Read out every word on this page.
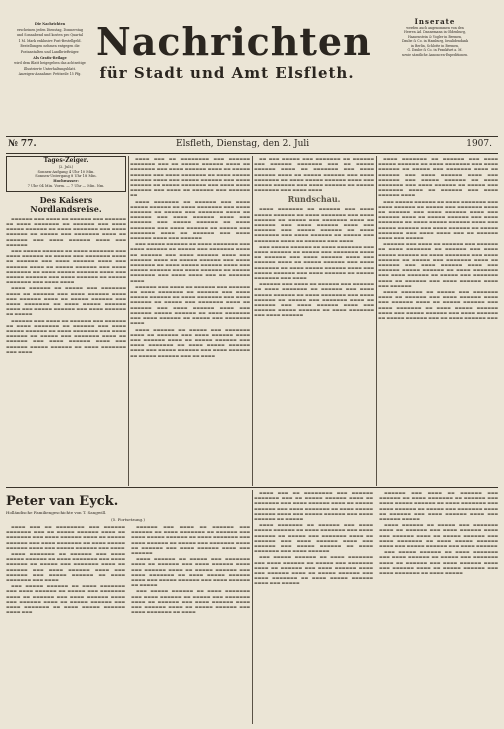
Die Nachrichten

erscheinen jeden Dienstag, Donnerstag

und Sonnabend und kosten pro Quartal

1 M. Mark exklusive Post-Bestellgeld.

Bestellungen nehmen entgegen die

Postanstalten und Landbriefträger.

Als Gratis-Beilage

wird dem Blatt beigegeben das achtseitige

Illustrierte Unterhaltungsblatt.

Anzeigen-Annahme: Petitzeile 15 Pfg.

Nachrichten
für Stadt und Amt Elsfleth.
Inserate
werden auch angenommen von den
Herren Ad. Dannemann in Oldenburg,
Haasenstein & Vogler in Bremen,
Daube & Co. in Hamburg, Invalidendank
in Berlin, Schlotte in Bremen,
G. Daube & Co. in Frankfurt a. M.
sowie sämtliche Annoncen-Expeditionen.
№ 77.	Elsfleth, Dienstag, den 2. Juli	1907.
Tages-Zeiger.
(2. Juli.)
Sonnen-Aufgang 4 Uhr 10 Min.
Sonnen-Untergang 8 Uhr 18 Min.
Hochwasser:
7 Uhr 04 Min. Vorm. — 7 Uhr — Min. Nm.
Des Kaisers Nordlandsreise.

▬▬▬▬▬▬ ▬▬▬ ▬▬▬▬ ▬▬ ▬▬▬▬▬▬ ▬▬▬ ▬▬▬▬▬▬ ▬▬ ▬▬▬▬ ▬▬▬▬▬▬▬ ▬▬ ▬▬▬▬▬▬ ▬▬▬ ▬▬▬▬ ▬▬▬▬▬ ▬▬▬▬▬▬ ▬▬ ▬▬▬▬ ▬▬▬▬▬▬▬ ▬▬▬ ▬▬▬▬ ▬▬▬▬▬▬ ▬▬ ▬▬▬▬▬ ▬▬▬ ▬▬▬▬▬▬▬ ▬▬▬▬ ▬▬ ▬▬▬▬▬▬ ▬▬▬ ▬▬▬▬ ▬▬▬▬▬▬ ▬▬▬▬ ▬▬▬ ▬▬▬▬▬▬

▬▬▬ ▬▬▬▬▬ ▬▬▬▬▬▬ ▬▬ ▬▬▬▬ ▬▬▬▬▬▬▬ ▬▬▬ ▬▬▬▬ ▬▬▬▬▬▬ ▬▬ ▬▬▬▬▬ ▬▬▬ ▬▬▬▬▬▬▬ ▬▬▬▬ ▬▬ ▬▬▬▬▬▬ ▬▬▬ ▬▬▬▬ ▬▬▬▬▬▬ ▬▬▬▬ ▬▬▬ ▬▬▬▬▬▬ ▬▬▬▬ ▬▬ ▬▬▬▬▬ ▬▬▬▬▬▬ ▬▬▬ ▬▬▬▬ ▬▬▬▬▬▬▬ ▬▬ ▬▬▬▬ ▬▬▬▬▬ ▬▬▬▬▬▬ ▬▬▬▬ ▬▬▬ ▬▬▬▬▬ ▬▬▬▬▬▬ ▬▬▬ ▬▬▬▬ ▬▬▬▬▬▬ ▬▬ ▬▬▬▬▬ ▬▬▬▬▬▬▬ ▬▬▬ ▬▬▬▬ ▬▬▬▬

▬▬▬▬ ▬▬▬▬▬▬ ▬▬ ▬▬▬▬▬ ▬▬▬ ▬▬▬▬▬▬▬ ▬▬▬▬ ▬▬ ▬▬▬▬▬▬ ▬▬▬ ▬▬▬▬ ▬▬▬▬▬▬ ▬▬▬▬ ▬▬▬ ▬▬▬▬▬▬ ▬▬▬▬ ▬▬ ▬▬▬▬▬ ▬▬▬▬▬▬ ▬▬▬ ▬▬▬▬ ▬▬▬▬▬▬▬ ▬▬ ▬▬▬▬ ▬▬▬▬▬ ▬▬▬▬▬▬ ▬▬▬▬ ▬▬▬ ▬▬▬▬▬ ▬▬▬▬▬▬ ▬▬▬ ▬▬▬▬ ▬▬▬▬▬▬ ▬▬ ▬▬▬▬▬

▬▬▬▬▬▬ ▬▬▬ ▬▬▬▬ ▬▬ ▬▬▬▬▬▬ ▬▬▬ ▬▬▬▬▬▬ ▬▬ ▬▬▬▬ ▬▬▬▬▬▬▬ ▬▬ ▬▬▬▬▬▬ ▬▬▬ ▬▬▬▬ ▬▬▬▬▬ ▬▬▬▬▬▬ ▬▬ ▬▬▬▬ ▬▬▬▬▬▬▬ ▬▬▬ ▬▬▬▬ ▬▬▬▬▬▬ ▬▬ ▬▬▬▬▬ ▬▬▬ ▬▬▬▬▬▬▬ ▬▬▬▬ ▬▬ ▬▬▬▬▬▬ ▬▬▬ ▬▬▬▬ ▬▬▬▬▬▬ ▬▬▬▬ ▬▬▬ ▬▬▬▬▬▬ ▬▬▬▬▬ ▬▬▬▬▬▬ ▬▬ ▬▬▬▬ ▬▬▬▬▬▬▬ ▬▬▬ ▬▬▬▬

▬▬▬▬ ▬▬▬ ▬▬ ▬▬▬▬▬▬▬▬ ▬▬▬ ▬▬▬▬▬▬ ▬▬▬▬▬▬▬ ▬▬▬ ▬▬ ▬▬▬▬▬ ▬▬▬▬▬▬ ▬▬▬▬ ▬▬ ▬▬▬▬▬▬▬ ▬▬▬ ▬▬▬▬ ▬▬▬▬▬▬ ▬▬▬▬ ▬▬ ▬▬▬▬▬ ▬▬▬▬▬▬ ▬▬▬ ▬▬▬▬ ▬▬▬▬▬▬▬ ▬▬ ▬▬▬▬ ▬▬▬▬▬ ▬▬▬▬▬▬ ▬▬▬▬ ▬▬▬ ▬▬▬▬▬ ▬▬▬▬▬▬ ▬▬▬ ▬▬▬▬ ▬▬▬▬▬▬ ▬▬ ▬▬▬▬▬ ▬▬▬▬▬▬▬ ▬▬▬ ▬▬▬▬ ▬▬▬▬ ▬▬▬▬▬▬ ▬▬▬ ▬▬▬▬ ▬▬ ▬▬▬▬▬▬ ▬▬▬ ▬▬▬▬▬▬ ▬▬

▬▬▬▬ ▬▬▬▬▬▬▬ ▬▬ ▬▬▬▬▬▬ ▬▬▬ ▬▬▬▬ ▬▬▬▬▬ ▬▬▬▬▬▬ ▬▬ ▬▬▬▬ ▬▬▬▬▬▬▬ ▬▬▬ ▬▬▬▬ ▬▬▬▬▬▬ ▬▬ ▬▬▬▬▬ ▬▬▬ ▬▬▬▬▬▬▬ ▬▬▬▬ ▬▬ ▬▬▬▬▬▬ ▬▬▬ ▬▬▬▬ ▬▬▬▬▬▬ ▬▬▬▬ ▬▬▬ ▬▬▬▬▬▬ ▬▬▬ ▬▬▬▬▬ ▬▬▬▬▬▬ ▬▬ ▬▬▬▬ ▬▬▬▬▬▬▬ ▬▬▬ ▬▬▬▬ ▬▬▬▬▬▬ ▬▬ ▬▬▬▬▬ ▬▬▬ ▬▬▬▬▬▬▬ ▬▬▬▬ ▬▬ ▬▬▬▬▬▬ ▬▬▬ ▬▬▬▬ ▬▬▬▬▬▬ ▬▬▬▬ ▬▬▬ ▬▬▬▬▬▬

▬▬▬ ▬▬▬▬▬ ▬▬▬▬▬▬ ▬▬ ▬▬▬▬ ▬▬▬▬▬▬▬ ▬▬▬ ▬▬▬▬ ▬▬▬▬▬▬ ▬▬ ▬▬▬▬▬ ▬▬▬ ▬▬▬▬▬▬▬ ▬▬▬▬ ▬▬ ▬▬▬▬▬▬ ▬▬▬ ▬▬▬▬ ▬▬▬▬▬▬ ▬▬▬▬ ▬▬▬ ▬▬▬▬▬▬ ▬▬▬▬ ▬▬ ▬▬▬▬▬ ▬▬▬▬▬▬ ▬▬▬ ▬▬▬▬ ▬▬▬▬▬▬▬ ▬▬ ▬▬▬▬ ▬▬▬▬▬ ▬▬▬▬▬▬ ▬▬▬▬ ▬▬▬ ▬▬▬▬▬ ▬▬▬▬▬▬ ▬▬▬ ▬▬▬▬ ▬▬▬▬▬▬ ▬▬ ▬▬▬▬▬ ▬▬▬▬▬▬▬ ▬▬▬ ▬▬▬▬ ▬▬▬▬ ▬▬▬ ▬▬ ▬▬▬▬▬▬ ▬▬▬▬

▬▬▬▬▬▬ ▬▬▬ ▬▬▬▬ ▬▬ ▬▬▬▬▬▬ ▬▬▬ ▬▬▬▬▬▬ ▬▬ ▬▬▬▬ ▬▬▬▬▬▬▬ ▬▬ ▬▬▬▬▬▬ ▬▬▬ ▬▬▬▬ ▬▬▬▬▬ ▬▬▬▬▬▬ ▬▬ ▬▬▬▬ ▬▬▬▬▬▬▬ ▬▬▬ ▬▬▬▬ ▬▬▬▬▬▬ ▬▬ ▬▬▬▬▬ ▬▬▬ ▬▬▬▬▬▬▬ ▬▬▬▬ ▬▬ ▬▬▬▬▬▬ ▬▬▬ ▬▬▬▬ ▬▬▬▬▬▬ ▬▬▬▬ ▬▬▬ ▬▬▬▬▬▬ ▬▬▬▬▬ ▬▬▬▬▬▬ ▬▬ ▬▬▬▬ ▬▬▬▬▬▬▬ ▬▬▬ ▬▬▬▬ ▬▬▬▬▬▬ ▬▬ ▬▬▬▬▬ ▬▬▬ ▬▬▬▬▬▬▬ ▬▬▬▬

▬▬▬▬ ▬▬▬▬▬▬ ▬▬ ▬▬▬▬▬ ▬▬▬ ▬▬▬▬▬▬▬ ▬▬▬▬ ▬▬ ▬▬▬▬▬▬ ▬▬▬ ▬▬▬▬ ▬▬▬▬▬▬ ▬▬▬▬ ▬▬▬ ▬▬▬▬▬▬ ▬▬▬▬ ▬▬ ▬▬▬▬▬ ▬▬▬▬▬▬ ▬▬▬ ▬▬▬▬ ▬▬▬▬▬▬▬ ▬▬ ▬▬▬▬ ▬▬▬▬▬ ▬▬▬▬▬▬ ▬▬▬▬ ▬▬▬ ▬▬▬▬▬ ▬▬▬▬▬▬ ▬▬▬ ▬▬▬▬ ▬▬▬▬▬▬ ▬▬ ▬▬▬▬▬ ▬▬▬▬▬▬ ▬▬▬ ▬▬ ▬▬▬▬

▬▬ ▬▬▬ ▬▬▬▬▬ ▬▬▬ ▬▬▬▬▬▬▬ ▬▬ ▬▬▬▬▬▬ ▬▬▬ ▬▬▬▬▬▬ ▬▬▬▬▬▬▬ ▬▬▬ ▬▬ ▬▬▬▬▬ ▬▬▬▬▬▬ ▬▬▬▬ ▬▬ ▬▬▬▬▬▬▬ ▬▬▬ ▬▬▬▬ ▬▬▬▬▬▬ ▬▬▬▬ ▬▬ ▬▬▬▬▬ ▬▬▬▬▬▬ ▬▬▬ ▬▬▬▬ ▬▬▬▬▬▬▬ ▬▬ ▬▬▬▬ ▬▬▬▬▬ ▬▬▬▬▬▬ ▬▬▬▬ ▬▬▬ ▬▬▬▬▬ ▬▬▬▬▬▬ ▬▬▬ ▬▬▬▬ ▬▬▬▬▬▬ ▬▬ ▬▬▬▬▬ ▬▬▬▬▬▬▬ ▬▬▬ ▬▬▬▬ ▬▬▬▬

Rundschau.

▬▬▬▬ ▬▬▬▬▬▬▬ ▬▬ ▬▬▬▬▬▬ ▬▬▬ ▬▬▬▬ ▬▬▬▬▬ ▬▬▬▬▬▬ ▬▬ ▬▬▬▬ ▬▬▬▬▬▬▬ ▬▬▬ ▬▬▬▬ ▬▬▬▬▬▬ ▬▬ ▬▬▬▬▬ ▬▬▬ ▬▬▬▬▬▬▬ ▬▬▬▬ ▬▬ ▬▬▬▬▬▬ ▬▬▬ ▬▬▬▬ ▬▬▬▬▬▬ ▬▬▬▬ ▬▬▬ ▬▬▬▬▬▬ ▬▬▬ ▬▬▬▬▬ ▬▬▬▬▬▬ ▬▬ ▬▬▬▬ ▬▬▬▬▬▬▬ ▬▬▬ ▬▬▬▬ ▬▬▬▬▬▬ ▬▬ ▬▬▬▬▬ ▬▬▬ ▬▬▬▬▬▬▬ ▬▬▬▬ ▬▬ ▬▬▬▬▬▬ ▬▬▬ ▬▬▬▬

▬▬▬ ▬▬▬▬▬ ▬▬▬▬▬▬ ▬▬ ▬▬▬▬ ▬▬▬▬▬▬▬ ▬▬▬ ▬▬▬▬ ▬▬▬▬▬▬ ▬▬ ▬▬▬▬▬ ▬▬▬ ▬▬▬▬▬▬▬ ▬▬▬▬ ▬▬ ▬▬▬▬▬▬ ▬▬▬ ▬▬▬▬ ▬▬▬▬▬▬ ▬▬▬▬ ▬▬▬ ▬▬▬▬▬▬ ▬▬▬▬ ▬▬ ▬▬▬▬▬ ▬▬▬▬▬▬ ▬▬▬ ▬▬▬▬ ▬▬▬▬▬▬▬ ▬▬ ▬▬▬▬ ▬▬▬▬▬ ▬▬▬▬▬▬ ▬▬▬▬ ▬▬▬ ▬▬▬▬▬ ▬▬▬▬▬▬ ▬▬▬ ▬▬▬▬ ▬▬▬▬▬▬ ▬▬ ▬▬▬▬▬ ▬▬▬▬▬▬▬ ▬▬▬ ▬▬▬▬

▬▬▬▬▬▬ ▬▬▬ ▬▬▬▬ ▬▬ ▬▬▬▬▬▬ ▬▬▬ ▬▬▬▬▬▬ ▬▬ ▬▬▬▬ ▬▬▬▬▬▬▬ ▬▬ ▬▬▬▬▬▬ ▬▬▬ ▬▬▬▬ ▬▬▬▬▬ ▬▬▬▬▬▬ ▬▬ ▬▬▬▬ ▬▬▬▬▬▬▬ ▬▬▬ ▬▬▬▬ ▬▬▬▬▬▬ ▬▬ ▬▬▬▬▬ ▬▬▬ ▬▬▬▬▬▬▬ ▬▬▬▬ ▬▬ ▬▬▬▬▬▬ ▬▬▬ ▬▬▬▬ ▬▬▬▬▬▬ ▬▬▬▬ ▬▬▬ ▬▬▬▬▬▬ ▬▬▬▬▬ ▬▬▬▬▬▬ ▬▬ ▬▬▬▬ ▬▬▬▬▬▬▬ ▬▬▬ ▬▬▬▬ ▬▬▬▬▬▬

▬▬▬▬ ▬▬▬▬▬▬▬ ▬▬ ▬▬▬▬▬▬ ▬▬▬ ▬▬▬▬ ▬▬▬▬▬ ▬▬▬▬▬▬ ▬▬ ▬▬▬▬ ▬▬▬▬▬▬▬ ▬▬▬ ▬▬▬▬ ▬▬▬▬▬▬ ▬▬ ▬▬▬▬▬ ▬▬▬ ▬▬▬▬▬▬▬ ▬▬▬▬ ▬▬ ▬▬▬▬▬▬ ▬▬▬ ▬▬▬▬ ▬▬▬▬▬▬ ▬▬▬▬ ▬▬▬ ▬▬▬▬▬▬ ▬▬▬ ▬▬▬▬▬ ▬▬▬▬▬▬ ▬▬ ▬▬▬▬ ▬▬▬▬▬▬▬ ▬▬▬ ▬▬▬▬ ▬▬▬▬▬▬ ▬▬ ▬▬▬▬▬ ▬▬▬ ▬▬▬▬▬▬▬ ▬▬▬▬ ▬▬ ▬▬▬▬▬▬ ▬▬▬ ▬▬▬▬ ▬▬▬▬▬▬ ▬▬▬▬

▬▬▬ ▬▬▬▬▬ ▬▬▬▬▬▬ ▬▬ ▬▬▬▬ ▬▬▬▬▬▬▬ ▬▬▬ ▬▬▬▬ ▬▬▬▬▬▬ ▬▬ ▬▬▬▬▬ ▬▬▬ ▬▬▬▬▬▬▬ ▬▬▬▬ ▬▬ ▬▬▬▬▬▬ ▬▬▬ ▬▬▬▬ ▬▬▬▬▬▬ ▬▬▬▬ ▬▬▬ ▬▬▬▬▬▬ ▬▬▬▬ ▬▬ ▬▬▬▬▬ ▬▬▬▬▬▬ ▬▬▬ ▬▬▬▬ ▬▬▬▬▬▬▬ ▬▬ ▬▬▬▬ ▬▬▬▬▬ ▬▬▬▬▬▬ ▬▬▬▬ ▬▬▬ ▬▬▬▬▬ ▬▬▬▬▬▬ ▬▬▬ ▬▬▬▬ ▬▬▬▬▬▬ ▬▬ ▬▬▬▬▬ ▬▬▬▬▬▬▬ ▬▬▬ ▬▬▬▬ ▬▬▬▬ ▬▬▬ ▬▬ ▬▬▬▬▬▬ ▬▬▬▬ ▬▬▬ ▬▬▬▬▬

▬▬▬▬▬▬ ▬▬▬ ▬▬▬▬ ▬▬ ▬▬▬▬▬▬ ▬▬▬ ▬▬▬▬▬▬ ▬▬ ▬▬▬▬ ▬▬▬▬▬▬▬ ▬▬ ▬▬▬▬▬▬ ▬▬▬ ▬▬▬▬ ▬▬▬▬▬ ▬▬▬▬▬▬ ▬▬ ▬▬▬▬ ▬▬▬▬▬▬▬ ▬▬▬ ▬▬▬▬ ▬▬▬▬▬▬ ▬▬ ▬▬▬▬▬ ▬▬▬ ▬▬▬▬▬▬▬ ▬▬▬▬ ▬▬ ▬▬▬▬▬▬ ▬▬▬ ▬▬▬▬ ▬▬▬▬▬▬ ▬▬▬▬ ▬▬▬ ▬▬▬▬▬▬ ▬▬▬▬▬ ▬▬▬▬▬▬ ▬▬ ▬▬▬▬ ▬▬▬▬▬▬▬ ▬▬▬ ▬▬▬▬ ▬▬▬▬▬▬ ▬▬ ▬▬▬▬▬ ▬▬▬ ▬▬▬▬▬▬▬ ▬▬▬▬ ▬▬ ▬▬▬▬▬▬ ▬▬▬ ▬▬▬▬ ▬▬▬▬▬▬ ▬▬▬▬ ▬▬▬ ▬▬▬▬▬▬

▬▬▬▬ ▬▬▬▬▬▬ ▬▬ ▬▬▬▬▬ ▬▬▬ ▬▬▬▬▬▬▬ ▬▬▬▬ ▬▬ ▬▬▬▬▬▬ ▬▬▬ ▬▬▬▬ ▬▬▬▬▬▬ ▬▬▬▬ ▬▬▬ ▬▬▬▬▬▬ ▬▬▬▬ ▬▬ ▬▬▬▬▬ ▬▬▬▬▬▬ ▬▬▬ ▬▬▬▬ ▬▬▬▬▬▬▬ ▬▬ ▬▬▬▬ ▬▬▬▬▬ ▬▬▬▬▬▬ ▬▬▬▬ ▬▬▬ ▬▬▬▬▬ ▬▬▬▬▬▬ ▬▬▬ ▬▬▬▬ ▬▬▬▬▬▬ ▬▬ ▬▬▬▬▬ ▬▬▬▬▬▬ ▬▬▬ ▬▬ ▬▬▬▬ ▬▬▬▬▬▬ ▬▬▬

Peter van Eyck.
Holländische Familiengeschichte von T. Sangwill.
(5. Fortsetzung.)

▬▬▬▬ ▬▬▬ ▬▬ ▬▬▬▬▬▬▬▬ ▬▬▬ ▬▬▬▬▬▬ ▬▬▬▬▬▬▬ ▬▬▬ ▬▬ ▬▬▬▬▬ ▬▬▬▬▬▬ ▬▬▬▬ ▬▬ ▬▬▬▬▬▬▬ ▬▬▬ ▬▬▬▬ ▬▬▬▬▬▬ ▬▬▬▬ ▬▬ ▬▬▬▬▬ ▬▬▬▬▬▬ ▬▬▬ ▬▬▬▬ ▬▬▬▬▬▬▬ ▬▬ ▬▬▬▬ ▬▬▬▬▬ ▬▬▬▬▬▬ ▬▬▬▬ ▬▬▬ ▬▬▬▬▬ ▬▬▬▬▬▬ ▬▬▬ ▬▬▬▬

▬▬▬▬ ▬▬▬▬▬▬▬ ▬▬ ▬▬▬▬▬▬ ▬▬▬ ▬▬▬▬ ▬▬▬▬▬ ▬▬▬▬▬▬ ▬▬ ▬▬▬▬ ▬▬▬▬▬▬▬ ▬▬▬ ▬▬▬▬ ▬▬▬▬▬▬ ▬▬ ▬▬▬▬▬ ▬▬▬ ▬▬▬▬▬▬▬ ▬▬▬▬ ▬▬ ▬▬▬▬▬▬ ▬▬▬ ▬▬▬▬ ▬▬▬▬▬▬ ▬▬▬▬ ▬▬▬ ▬▬▬▬▬▬ ▬▬▬ ▬▬▬▬▬ ▬▬▬▬▬▬ ▬▬ ▬▬▬▬ ▬▬▬▬▬▬▬ ▬▬▬ ▬▬▬▬

▬▬▬ ▬▬▬▬▬ ▬▬▬▬▬▬ ▬▬ ▬▬▬▬ ▬▬▬▬▬▬▬ ▬▬▬ ▬▬▬▬ ▬▬▬▬▬▬ ▬▬ ▬▬▬▬▬ ▬▬▬ ▬▬▬▬▬▬▬ ▬▬▬▬ ▬▬ ▬▬▬▬▬▬ ▬▬▬ ▬▬▬▬ ▬▬▬▬▬▬ ▬▬▬▬ ▬▬▬ ▬▬▬▬▬▬ ▬▬▬▬ ▬▬ ▬▬▬▬▬ ▬▬▬▬▬▬ ▬▬▬ ▬▬▬▬ ▬▬▬▬▬▬▬ ▬▬ ▬▬▬▬ ▬▬▬▬▬ ▬▬▬▬▬▬ ▬▬▬▬ ▬▬▬

▬▬▬▬▬▬ ▬▬▬ ▬▬▬▬ ▬▬ ▬▬▬▬▬▬ ▬▬▬ ▬▬▬▬▬▬ ▬▬ ▬▬▬▬ ▬▬▬▬▬▬▬ ▬▬ ▬▬▬▬▬▬ ▬▬▬ ▬▬▬▬ ▬▬▬▬▬ ▬▬▬▬▬▬ ▬▬ ▬▬▬▬ ▬▬▬▬▬▬▬ ▬▬▬ ▬▬▬▬ ▬▬▬▬▬▬ ▬▬ ▬▬▬▬▬ ▬▬▬ ▬▬▬▬▬▬▬ ▬▬▬▬ ▬▬ ▬▬▬▬▬▬ ▬▬▬ ▬▬▬▬ ▬▬▬▬▬▬ ▬▬▬▬ ▬▬▬ ▬▬▬▬▬▬

▬▬▬▬ ▬▬▬▬▬▬ ▬▬ ▬▬▬▬▬ ▬▬▬ ▬▬▬▬▬▬▬ ▬▬▬▬ ▬▬ ▬▬▬▬▬▬ ▬▬▬ ▬▬▬▬ ▬▬▬▬▬▬ ▬▬▬▬ ▬▬▬ ▬▬▬▬▬▬ ▬▬▬▬ ▬▬ ▬▬▬▬▬ ▬▬▬▬▬▬ ▬▬▬ ▬▬▬▬ ▬▬▬▬▬▬▬ ▬▬ ▬▬▬▬ ▬▬▬▬▬ ▬▬▬▬▬▬ ▬▬▬▬ ▬▬▬ ▬▬▬▬▬ ▬▬▬▬▬▬ ▬▬▬ ▬▬▬▬ ▬▬▬▬▬▬ ▬▬ ▬▬▬▬▬

▬▬▬ ▬▬▬▬▬ ▬▬▬▬▬▬ ▬▬ ▬▬▬▬ ▬▬▬▬▬▬▬ ▬▬▬ ▬▬▬▬ ▬▬▬▬▬▬ ▬▬ ▬▬▬▬▬ ▬▬▬ ▬▬▬▬▬▬▬ ▬▬▬▬ ▬▬ ▬▬▬▬▬▬ ▬▬▬ ▬▬▬▬ ▬▬▬▬▬▬ ▬▬▬▬ ▬▬▬ ▬▬▬▬▬▬ ▬▬▬▬ ▬▬ ▬▬▬▬▬ ▬▬▬▬▬▬ ▬▬▬ ▬▬▬▬ ▬▬▬▬▬▬▬ ▬▬ ▬▬▬▬

▬▬▬▬ ▬▬▬ ▬▬ ▬▬▬▬▬▬▬▬ ▬▬▬ ▬▬▬▬▬▬ ▬▬▬▬▬▬▬ ▬▬▬ ▬▬ ▬▬▬▬▬ ▬▬▬▬▬▬ ▬▬▬▬ ▬▬ ▬▬▬▬▬▬▬ ▬▬▬ ▬▬▬▬ ▬▬▬▬▬▬ ▬▬▬▬ ▬▬ ▬▬▬▬▬ ▬▬▬▬▬▬ ▬▬▬ ▬▬▬▬ ▬▬▬▬▬▬▬ ▬▬ ▬▬▬▬ ▬▬▬▬▬ ▬▬▬▬▬▬ ▬▬▬▬ ▬▬▬ ▬▬▬▬▬ ▬▬▬▬▬▬ ▬▬▬ ▬▬▬▬ ▬▬▬▬▬▬ ▬▬ ▬▬▬▬▬

▬▬▬▬ ▬▬▬▬▬▬▬ ▬▬ ▬▬▬▬▬▬ ▬▬▬ ▬▬▬▬ ▬▬▬▬▬ ▬▬▬▬▬▬ ▬▬ ▬▬▬▬ ▬▬▬▬▬▬▬ ▬▬▬ ▬▬▬▬ ▬▬▬▬▬▬ ▬▬ ▬▬▬▬▬ ▬▬▬ ▬▬▬▬▬▬▬ ▬▬▬▬ ▬▬ ▬▬▬▬▬▬ ▬▬▬ ▬▬▬▬ ▬▬▬▬▬▬ ▬▬▬▬ ▬▬▬ ▬▬▬▬▬▬ ▬▬▬ ▬▬▬▬▬ ▬▬▬▬▬▬ ▬▬ ▬▬▬▬ ▬▬▬▬▬▬▬ ▬▬▬ ▬▬▬▬ ▬▬▬▬▬▬

▬▬▬ ▬▬▬▬▬ ▬▬▬▬▬▬ ▬▬ ▬▬▬▬ ▬▬▬▬▬▬▬ ▬▬▬ ▬▬▬▬ ▬▬▬▬▬▬ ▬▬ ▬▬▬▬▬ ▬▬▬ ▬▬▬▬▬▬▬ ▬▬▬▬ ▬▬ ▬▬▬▬▬▬ ▬▬▬ ▬▬▬▬ ▬▬▬▬▬▬ ▬▬▬▬ ▬▬▬ ▬▬▬▬▬▬ ▬▬▬▬ ▬▬ ▬▬▬▬▬ ▬▬▬▬▬▬ ▬▬▬ ▬▬▬▬ ▬▬▬▬▬▬▬ ▬▬ ▬▬▬▬ ▬▬▬▬▬ ▬▬▬▬▬▬ ▬▬▬▬ ▬▬▬ ▬▬▬▬▬

▬▬▬▬▬▬ ▬▬▬ ▬▬▬▬ ▬▬ ▬▬▬▬▬▬ ▬▬▬ ▬▬▬▬▬▬ ▬▬ ▬▬▬▬ ▬▬▬▬▬▬▬ ▬▬ ▬▬▬▬▬▬ ▬▬▬ ▬▬▬▬ ▬▬▬▬▬ ▬▬▬▬▬▬ ▬▬ ▬▬▬▬ ▬▬▬▬▬▬▬ ▬▬▬ ▬▬▬▬ ▬▬▬▬▬▬ ▬▬ ▬▬▬▬▬ ▬▬▬ ▬▬▬▬▬▬▬ ▬▬▬▬ ▬▬ ▬▬▬▬▬▬ ▬▬▬ ▬▬▬▬ ▬▬▬▬▬▬ ▬▬▬▬ ▬▬▬ ▬▬▬▬▬▬ ▬▬▬▬▬

▬▬▬▬ ▬▬▬▬▬▬ ▬▬ ▬▬▬▬▬ ▬▬▬ ▬▬▬▬▬▬▬ ▬▬▬▬ ▬▬ ▬▬▬▬▬▬ ▬▬▬ ▬▬▬▬ ▬▬▬▬▬▬ ▬▬▬▬ ▬▬▬ ▬▬▬▬▬▬ ▬▬▬▬ ▬▬ ▬▬▬▬▬ ▬▬▬▬▬▬ ▬▬▬ ▬▬▬▬ ▬▬▬▬▬▬▬ ▬▬ ▬▬▬▬ ▬▬▬▬▬ ▬▬▬▬▬▬ ▬▬▬▬ ▬▬▬ ▬▬▬▬▬ ▬▬▬▬▬▬ ▬▬▬ ▬▬▬▬ ▬▬▬▬▬▬

▬▬▬ ▬▬▬▬▬ ▬▬▬▬▬▬ ▬▬ ▬▬▬▬ ▬▬▬▬▬▬▬ ▬▬▬ ▬▬▬▬ ▬▬▬▬▬▬ ▬▬ ▬▬▬▬▬ ▬▬▬ ▬▬▬▬▬▬▬ ▬▬▬▬ ▬▬ ▬▬▬▬▬▬ ▬▬▬ ▬▬▬▬ ▬▬▬▬▬▬ ▬▬▬▬ ▬▬▬ ▬▬▬▬▬▬ ▬▬▬▬ ▬▬ ▬▬▬▬▬ ▬▬▬▬▬▬ ▬▬▬ ▬▬▬▬ ▬▬▬▬▬▬▬ ▬▬ ▬▬▬▬ ▬▬▬▬▬
